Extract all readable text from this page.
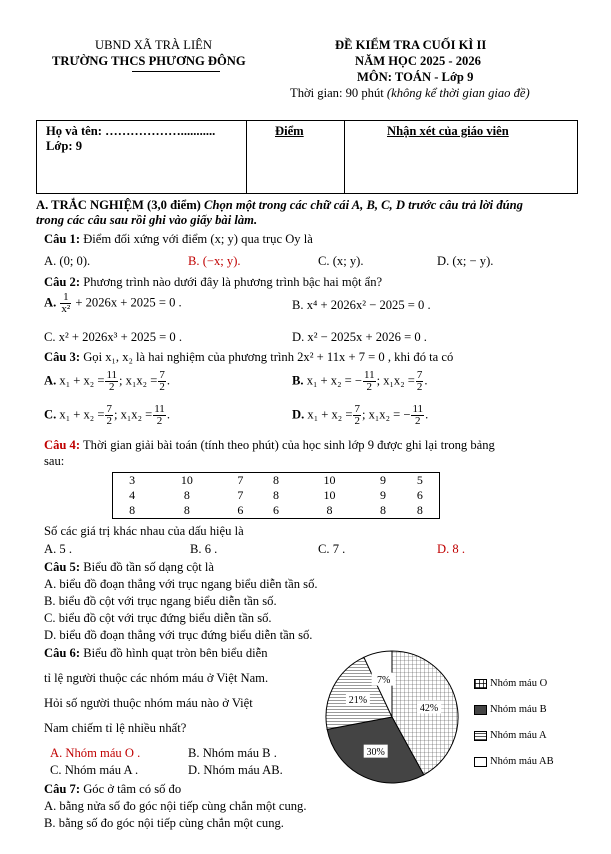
UBND XÃ TRÀ LIÊN
TRƯỜNG THCS PHƯƠNG ĐÔNG
ĐỀ KIỂM TRA CUỐI KÌ II
NĂM HỌC 2025 - 2026
MÔN: TOÁN - Lớp 9
Thời gian: 90 phút (không kể thời gian giao đề)
Họ và tên: ………………...........
Lớp: 9
Điểm	Nhận xét của giáo viên
A. TRẮC NGHIỆM (3,0 điểm) Chọn một trong các chữ cái A, B, C, D trước câu trả lời đúng
trong các câu sau rồi ghi vào giấy bài làm.
Câu 1: Điểm đối xứng với điểm (x; y) qua trục Oy là
A. (0; 0).	B. (−x; y).	C. (x; y).	D. (x; − y).
Câu 2: Phương trình nào dưới đây là phương trình bậc hai một ẩn?
A. $\frac{1}{\text{x²}} + 2026x + 2025 = 0$ .	B. x⁴ + 2026x² − 2025 = 0 .
C. x² + 2026x³ + 2025 = 0 .	D. x² − 2025x + 2026 = 0 .
Câu 3: Gọi x₁, x₂ là hai nghiệm của phương trình 2x² + 11x + 7 = 0 , khi đó ta có
A. $x_1 + x_2 = \frac{11}{2}$ ; $x_1x_2 = \frac{7}{2}$ .	B. x₁ + x₂ = − $\frac{11}{2}$ ; $x_1x_2 = \frac{7}{2}$ .
C. $x_1 + x_2 = \frac{7}{2}$ ; $x_1x_2 = \frac{11}{2}$ .	D. $x_1 + x_2 = \frac{7}{2}$ ; x₁x₂ = − $\frac{11}{2}$ .
Câu 4: Thời gian giải bài toán (tính theo phút) của học sinh lớp 9 được ghi lại trong bảng
sau:
3	10	7	8	10	9	5
4	8	7	8	10	9	6
8	8	6	6	8	8	8
Số các giá trị khác nhau của dấu hiệu là
A. 5 .	B. 6 .	C. 7 .	D. 8 .
Câu 5: Biểu đồ tần số dạng cột là
A. biểu đồ đoạn thẳng với trục ngang biểu diễn tần số.
B. biểu đồ cột với trục ngang biểu diễn tần số.
C. biểu đồ cột với trục đứng biểu diễn tần số.
D. biểu đồ đoạn thẳng với trục đứng biểu diễn tần số.
Câu 6: Biểu đồ hình quạt tròn bên biểu diễn
tỉ lệ người thuộc các nhóm máu ở Việt Nam.
Hỏi số người thuộc nhóm máu nào ở Việt
Nam chiếm tỉ lệ nhiều nhất?
A. Nhóm máu O .	B. Nhóm máu B .
C. Nhóm máu A .	D. Nhóm máu AB.
42%
30%
21%
7%	Nhóm máu O
Nhóm máu B
Nhóm máu A
Nhóm máu AB
Câu 7: Góc ở tâm có số đo
A. bằng nửa số đo góc nội tiếp cùng chắn một cung.
B. bằng số đo góc nội tiếp cùng chắn một cung.
